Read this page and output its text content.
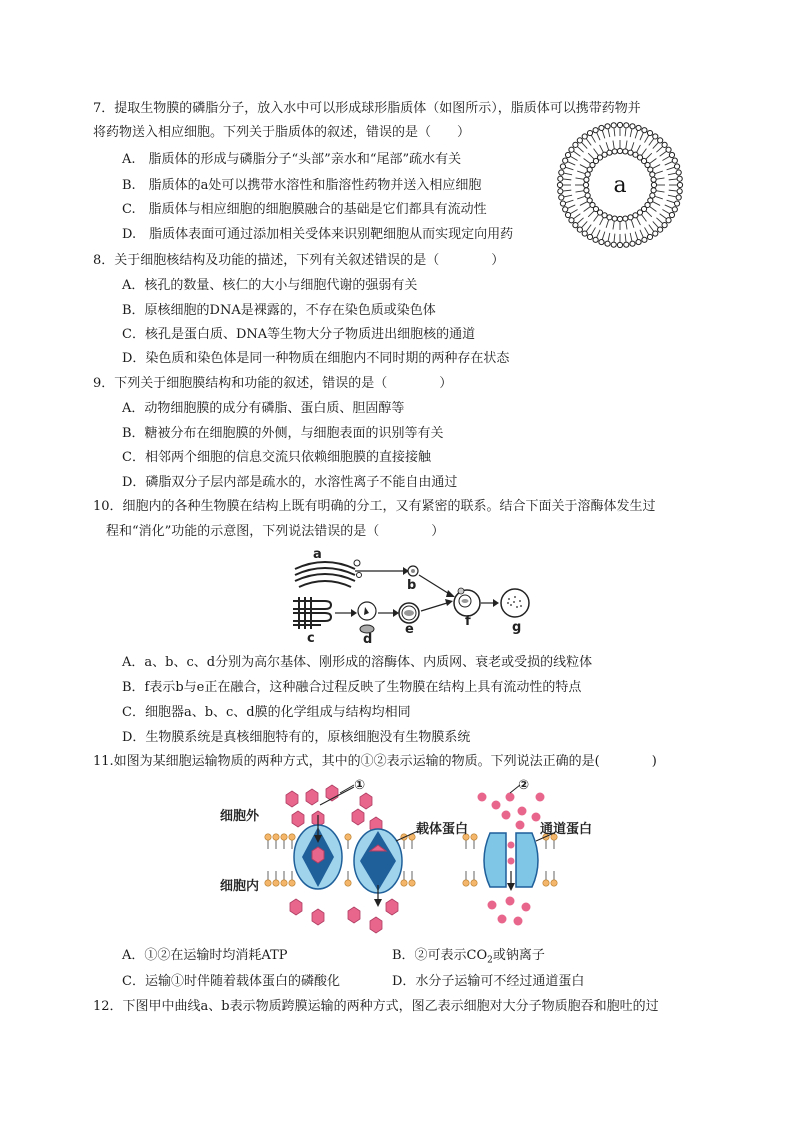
7．提取生物膜的磷脂分子，放入水中可以形成球形脂质体（如图所示），脂质体可以携带药物并
将药物送入相应细胞。下列关于脂质体的叙述，错误的是（　　）
A.　脂质体的形成与磷脂分子“头部”亲水和“尾部”疏水有关
B.　脂质体的a处可以携带水溶性和脂溶性药物并送入相应细胞
C.　脂质体与相应细胞的细胞膜融合的基础是它们都具有流动性
D.　脂质体表面可通过添加相关受体来识别靶细胞从而实现定向用药
a
8．关于细胞核结构及功能的描述，下列有关叙述错误的是（　　　　）
A．核孔的数量、核仁的大小与细胞代谢的强弱有关
B．原核细胞的DNA是裸露的，不存在染色质或染色体
C．核孔是蛋白质、DNA等生物大分子物质进出细胞核的通道
D．染色质和染色体是同一种物质在细胞内不同时期的两种存在状态
9．下列关于细胞膜结构和功能的叙述，错误的是（　　　　）
A．动物细胞膜的成分有磷脂、蛋白质、胆固醇等
B．糖被分布在细胞膜的外侧，与细胞表面的识别等有关
C．相邻两个细胞的信息交流只依赖细胞膜的直接接触
D．磷脂双分子层内部是疏水的，水溶性离子不能自由通过
10．细胞内的各种生物膜在结构上既有明确的分工，又有紧密的联系。结合下面关于溶酶体发生过
程和“消化”功能的示意图，下列说法错误的是（　　　　）
a
b
c	d
e
f	g
A．a、b、c、d分别为高尔基体、刚形成的溶酶体、内质网、衰老或受损的线粒体
B．f表示b与e正在融合，这种融合过程反映了生物膜在结构上具有流动性的特点
C．细胞器a、b、c、d膜的化学组成与结构均相同
D．生物膜系统是真核细胞特有的，原核细胞没有生物膜系统
11.如图为某细胞运输物质的两种方式，其中的①②表示运输的物质。下列说法正确的是(　　　　)
细胞外
细胞内
①
载体蛋白	通道蛋白
②
A．①②在运输时均消耗ATP	B．②可表示$CO_2$或钠离子
C．运输①时伴随着载体蛋白的磷酸化	D．水分子运输可不经过通道蛋白
12．下图甲中曲线a、b表示物质跨膜运输的两种方式，图乙表示细胞对大分子物质胞吞和胞吐的过
